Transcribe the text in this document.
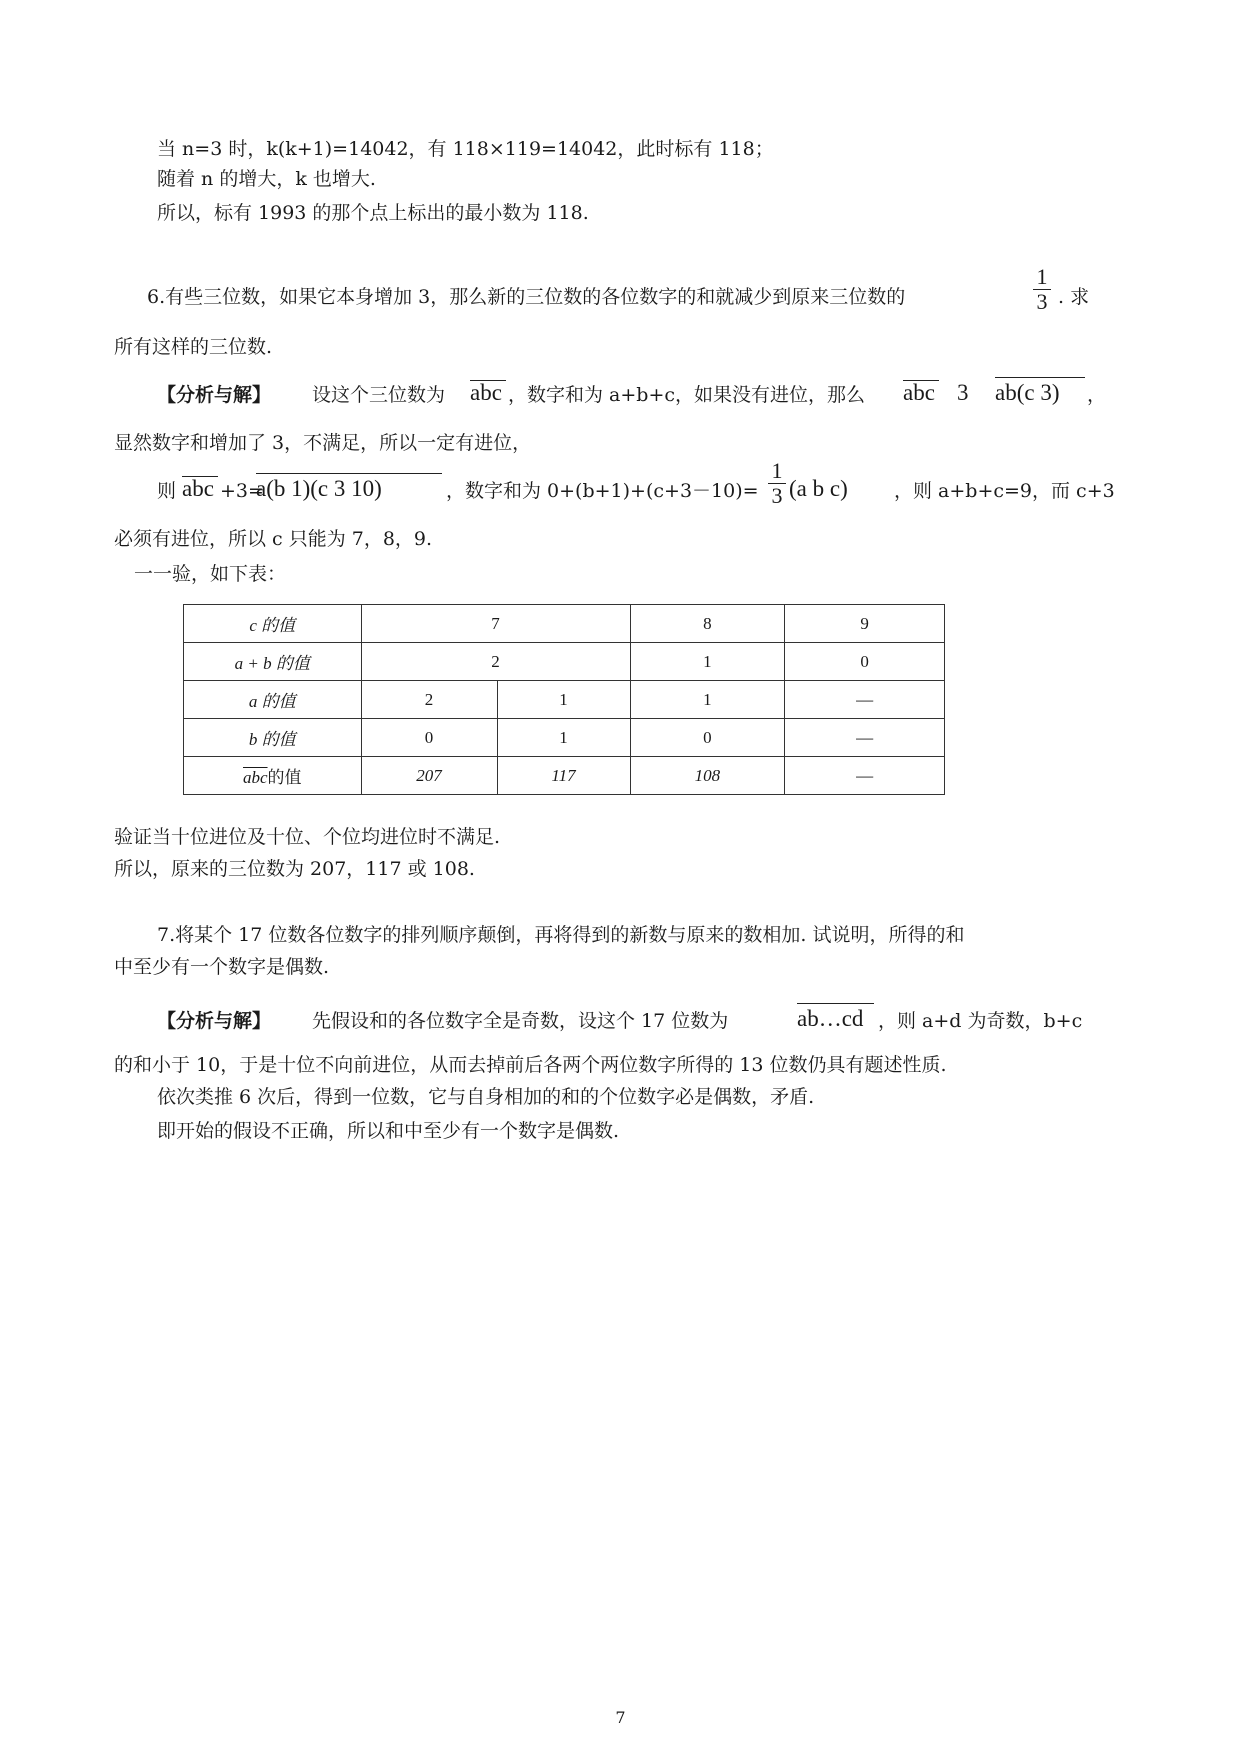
当 n=3 时，k(k+1)=14042，有 118×119=14042，此时标有 118；
随着 n 的增大，k 也增大.
所以，标有 1993 的那个点上标出的最小数为 118.
6.有些三位数，如果它本身增加 3，那么新的三位数的各位数字的和就减少到原来三位数的	$\frac{1}{3}$ . 求
所有这样的三位数.
【分析与解】 设这个三位数为 abc ，数字和为 a+b+c，如果没有进位，那么 abc 3 ab(c 3) ，
显然数字和增加了 3，不满足，所以一定有进位，
则 abc +3=
a(b 1)(c 3 10)	，数字和为 $0+(b+1)+(c+3-10)= \frac{1}{3} (a$ b c) ，则 a+b+c=9，而 c+3
必须有进位，所以 c 只能为 7，8，9.
一一验，如下表：
c 的值	7		8	9
a + b 的值	2		1	0
a 的值	2	1	1	—
b 的值	0	1	0	—
$\overline{abc}$的值	207	117	108	—
验证当十位进位及十位、个位均进位时不满足.
所以，原来的三位数为 207，117 或 108.
7.将某个 17 位数各位数字的排列顺序颠倒，再将得到的新数与原来的数相加. 试说明，所得的和
中至少有一个数字是偶数.
【分析与解】 先假设和的各位数字全是奇数，设这个 17 位数为	ab…cd ，则 a+d 为奇数，b+c
的和小于 10，于是十位不向前进位，从而去掉前后各两个两位数字所得的 13 位数仍具有题述性质.
依次类推 6 次后，得到一位数，它与自身相加的和的个位数字必是偶数，矛盾.
即开始的假设不正确，所以和中至少有一个数字是偶数.
7
